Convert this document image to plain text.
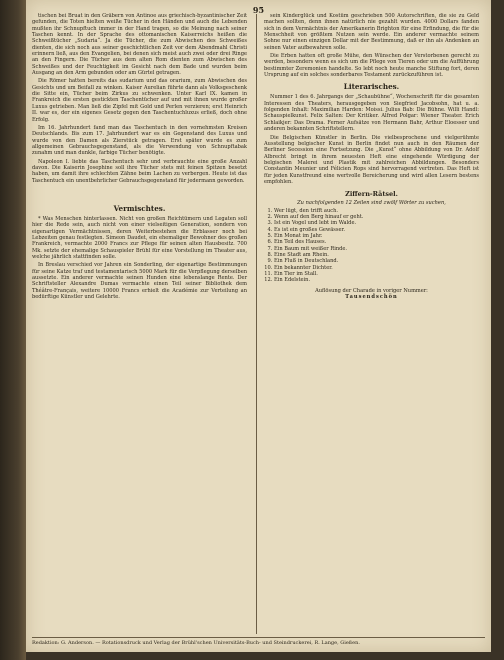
95

tischen bei Bruat in den Gräbern von Antinoe aus griechisch-byzantinischer Zeit gefunden, die Toten hielten weiße Tücher in den Händen und auch die Lebenden mußten ihr Schnupftuch immer in der Hand tragen, so die Meinung nach seiner Taschen kennt. In der Sprache des ottomanischen Kaiserreichs heißen die Schweißtücher „Sudaria“. Ja die Tücher, die zum Abwischen des Schweißes dienten, die sich noch aus seiner geschichtlichen Zeit vor dem Abendmahl Christi erinnern ließ, aus den Evangelien, bei denen sich meist auch zwei oder drei Ringe an den Fingern. Die Tücher aus dem alten Rom dienten zum Abwischen des Schweißes und der Feuchtigkeit im Gesicht nach dem Bade und wurden beim Ausgang an den Arm gebunden oder am Gürtel getragen.

Die Römer hatten bereits das sudarium und das orarium, zum Abwischen des Gesichts und um Beifall zu winken. Kaiser Aurelian führte dann als Volksgeschenk die Sitte ein, Tücher beim Zirkus zu schwenken. Unter Karl IX. kamen in Frankreich die ersten gestickten Taschentücher auf und mit ihnen wurde großer Luxus getrieben. Man ließ die Zipfel mit Gold und Perlen verzieren; erst Heinrich II. war es, der ein eigenes Gesetz gegen den Taschentuchluxus erließ, doch ohne Erfolg.

Im 16. Jahrhundert fand man das Taschentuch in den vornehmsten Kreisen Deutschlands. Bis zum 17. Jahrhundert war es ein Gegenstand des Luxus und wurde von den Damen als Zierstück getragen. Erst später wurde es zum allgemeinen Gebrauchsgegenstand, als die Verwendung von Schnupftabak zunahm und man dunkle, farbige Tücher benötigte.

Napoleon I. liebte das Taschentuch sehr und verbrauchte eine große Anzahl davon. Die Kaiserin Josephine soll ihre Tücher stets mit feinen Spitzen besetzt haben, um damit ihre schlechten Zähne beim Lachen zu verbergen. Heute ist das Taschentuch ein unentbehrlicher Gebrauchsgegenstand für jedermann geworden.

Vermischtes.

* Was Menschen hinterlassen. Nicht von großen Reichtümern und Legaten soll hier die Rede sein, auch nicht von einer vielseitigen Generation, sondern von eigenartigen Vermächtnissen, deren Weiterbestehen die Erblasser noch bei Lebzeiten genau festlegten. Simeon Daudet, ein ehemaliger Bewohner des großen Frankreich, vermachte 2000 Francs zur Pflege für seinen alten Hausbesitz. 700 Mk. setzte der ehemalige Schauspieler Brühl für eine Vorstellung im Theater aus, welche jährlich stattfinden solle.

In Breslau verschied vor Jahren ein Sonderling, der eigenartige Bestimmungen für seine Katze traf und testamentarisch 5000 Mark für die Verpflegung derselben aussetzte. Ein anderer vermachte seinen Hunden eine lebenslange Rente. Der Schriftsteller Alexandre Dumas vermachte einen Teil seiner Bibliothek dem Théâtre-Français, weitere 10000 Francs erhielt die Académie zur Verteilung an bedürftige Künstler und Gelehrte.

sein Kinderglück und Kostüm geschrieben 500 Autorschriften, die sie zu Geld machen sollten, denn ihnen natürlich nie gezahlt wurden. 4000 Dollars fanden sich in dem Vermächtnis der Amerikanerin Brighton für eine Erfindung, die für die Menschheit von größtem Nutzen sein werde. Ein anderer vermachte seinem Sohne nur einen einzigen Dollar mit der Bestimmung, daß er ihn als Andenken an seinen Vater aufbewahren solle.

Die Erben hatten oft große Mühe, den Wünschen der Verstorbenen gerecht zu werden, besonders wenn es sich um die Pflege von Tieren oder um die Aufführung bestimmter Zeremonien handelte. So lebt noch heute manche Stiftung fort, deren Ursprung auf ein solches sonderbares Testament zurückzuführen ist.

Literarisches.

Nummer 1 des 6. Jahrgangs der „Schaubühne“, Wochenschrift für die gesamten Interessen des Theaters, herausgegeben von Siegfried Jacobsohn, hat u. a. folgenden Inhalt: Maximilian Harden: Moissi. Julius Bab: Die Bühne. Willi Handl: Schauspielkunst. Felix Salten: Der Kritiker. Alfred Polgar: Wiener Theater. Erich Schlaikjer: Das Drama. Ferner Aufsätze von Hermann Bahr, Arthur Eloesser und anderen bekannten Schriftstellern.

Die Belgischen Künstler in Berlin. Die vielbesprochene und vielgerühmte Ausstellung belgischer Kunst in Berlin findet nun auch in den Räumen der Berliner Secession eine Fortsetzung. Die „Kunst“ ohne Abbildung von Dr. Adolf Albrecht bringt in ihrem neuesten Heft eine eingehende Würdigung der belgischen Malerei und Plastik mit zahlreichen Abbildungen. Besonders Constantin Meunier und Félicien Rops sind hervorragend vertreten. Das Heft ist für jeden Kunstfreund eine wertvolle Bereicherung und wird allen Lesern bestens empfohlen.

Ziffern-Rätsel.
Zu nachfolgenden 12 Zeilen sind zwölf Wörter zu suchen,
1. Wer lügt, den trifft auch.
2. Wenn auf den Berg hinauf er geht.
3. Ist ein Vogel und lebt im Walde.
4. Es ist ein großes Gewässer.
5. Ein Monat im Jahr.
6. Ein Teil des Hauses.
7. Ein Baum mit weißer Rinde.
8. Eine Stadt am Rhein.
9. Ein Fluß in Deutschland.
10. Ein bekannter Dichter.
11. Ein Tier im Stall.
12. Ein Edelstein.
Auflösung der Charade in voriger Nummer:
Tausendschön
Redaktion: G. Anderson. — Rotationsdruck und Verlag der Brühl'schen Universitäts-Buch- und Steindruckerei, R. Lange, Gießen.
